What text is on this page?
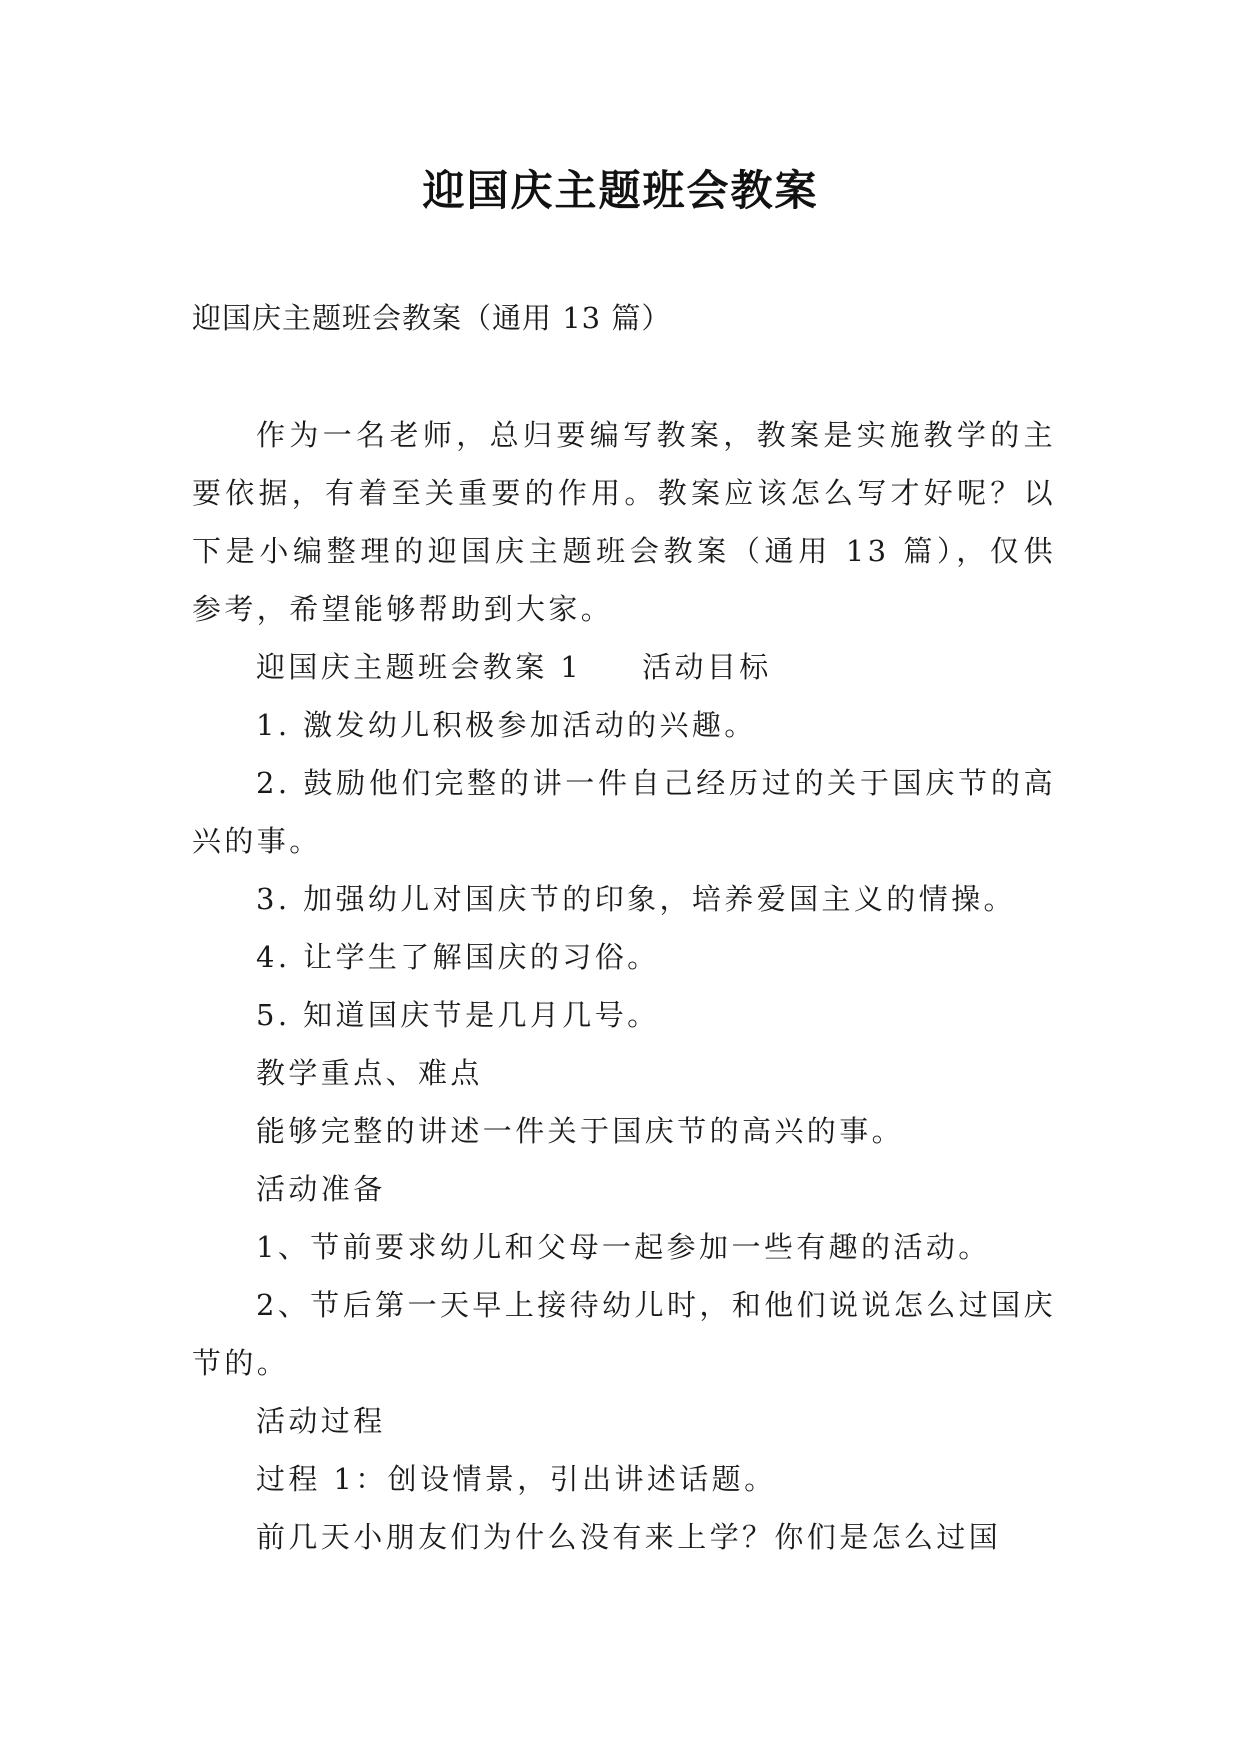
迎国庆主题班会教案
迎国庆主题班会教案（通用 13 篇）

作为一名老师，总归要编写教案，教案是实施教学的主要依据，有着至关重要的作用。教案应该怎么写才好呢？以下是小编整理的迎国庆主题班会教案（通用 13 篇），仅供参考，希望能够帮助到大家。

迎国庆主题班会教案 1 活动目标

1. 激发幼儿积极参加活动的兴趣。

2. 鼓励他们完整的讲一件自己经历过的关于国庆节的高兴的事。

3. 加强幼儿对国庆节的印象，培养爱国主义的情操。

4. 让学生了解国庆的习俗。

5. 知道国庆节是几月几号。

教学重点、难点

能够完整的讲述一件关于国庆节的高兴的事。

活动准备

1、节前要求幼儿和父母一起参加一些有趣的活动。

2、节后第一天早上接待幼儿时，和他们说说怎么过国庆节的。

活动过程

过程 1：创设情景，引出讲述话题。

前几天小朋友们为什么没有来上学？你们是怎么过国
